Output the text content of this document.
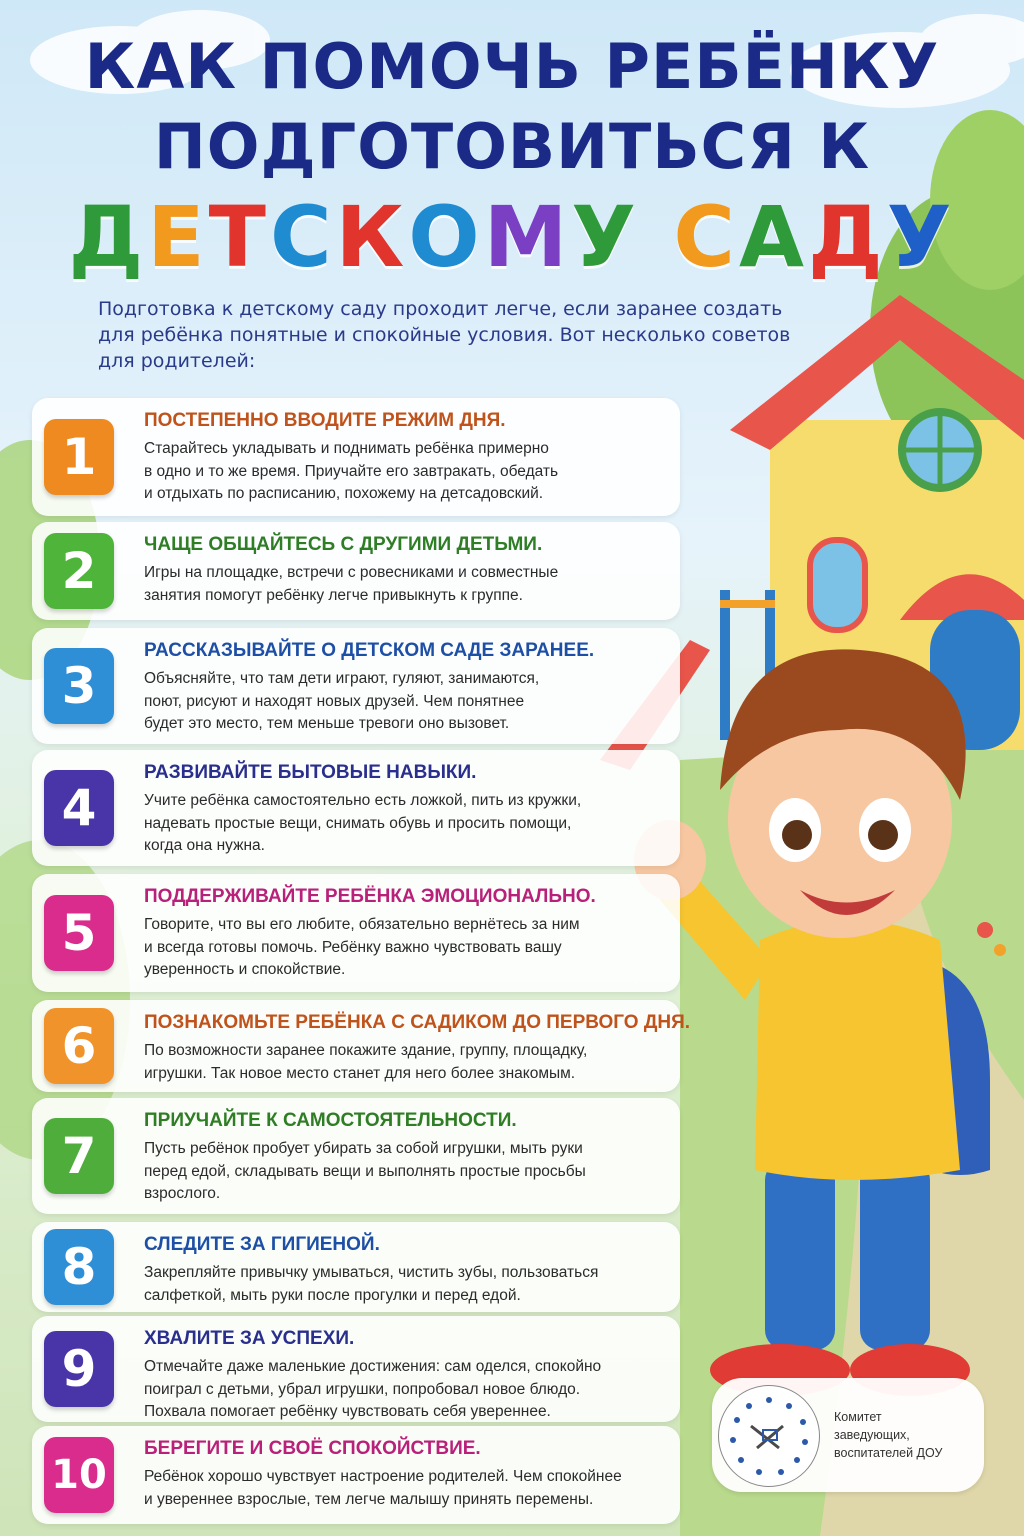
КАК ПОМОЧЬ РЕБЁНКУ
ПОДГОТОВИТЬСЯ К
ДЕТСКОМУ САДУ
Подготовка к детскому саду проходит легче, если заранее создать для ребёнка понятные и спокойные условия. Вот несколько советов для родителей:
1
ПОСТЕПЕННО ВВОДИТЕ РЕЖИМ ДНЯ.
Старайтесь укладывать и поднимать ребёнка примерно
в одно и то же время. Приучайте его завтракать, обедать
и отдыхать по расписанию, похожему на детсадовский.
2	ЧАЩЕ ОБЩАЙТЕСЬ С ДРУГИМИ ДЕТЬМИ.
Игры на площадке, встречи с ровесниками и совместные
занятия помогут ребёнку легче привыкнуть к группе.
3
РАССКАЗЫВАЙТЕ О ДЕТСКОМ САДЕ ЗАРАНЕЕ.
Объясняйте, что там дети играют, гуляют, занимаются,
поют, рисуют и находят новых друзей. Чем понятнее
будет это место, тем меньше тревоги оно вызовет.
4
РАЗВИВАЙТЕ БЫТОВЫЕ НАВЫКИ.
Учите ребёнка самостоятельно есть ложкой, пить из кружки,
надевать простые вещи, снимать обувь и просить помощи,
когда она нужна.
5
ПОДДЕРЖИВАЙТЕ РЕБЁНКА ЭМОЦИОНАЛЬНО.
Говорите, что вы его любите, обязательно вернётесь за ним
и всегда готовы помочь. Ребёнку важно чувствовать вашу
уверенность и спокойствие.
6	ПОЗНАКОМЬТЕ РЕБЁНКА С САДИКОМ ДО ПЕРВОГО ДНЯ.
По возможности заранее покажите здание, группу, площадку,
игрушки. Так новое место станет для него более знакомым.
7
ПРИУЧАЙТЕ К САМОСТОЯТЕЛЬНОСТИ.
Пусть ребёнок пробует убирать за собой игрушки, мыть руки
перед едой, складывать вещи и выполнять простые просьбы
взрослого.
8	СЛЕДИТЕ ЗА ГИГИЕНОЙ.
Закрепляйте привычку умываться, чистить зубы, пользоваться
салфеткой, мыть руки после прогулки и перед едой.
9
ХВАЛИТЕ ЗА УСПЕХИ.
Отмечайте даже маленькие достижения: сам оделся, спокойно
поиграл с детьми, убрал игрушки, попробовал новое блюдо.
Похвала помогает ребёнку чувствовать себя увереннее.
10
БЕРЕГИТЕ И СВОЁ СПОКОЙСТВИЕ.
Ребёнок хорошо чувствует настроение родителей. Чем спокойнее
и увереннее взрослые, тем легче малышу принять перемены.
Комитет
заведующих,
воспитателей ДОУ
